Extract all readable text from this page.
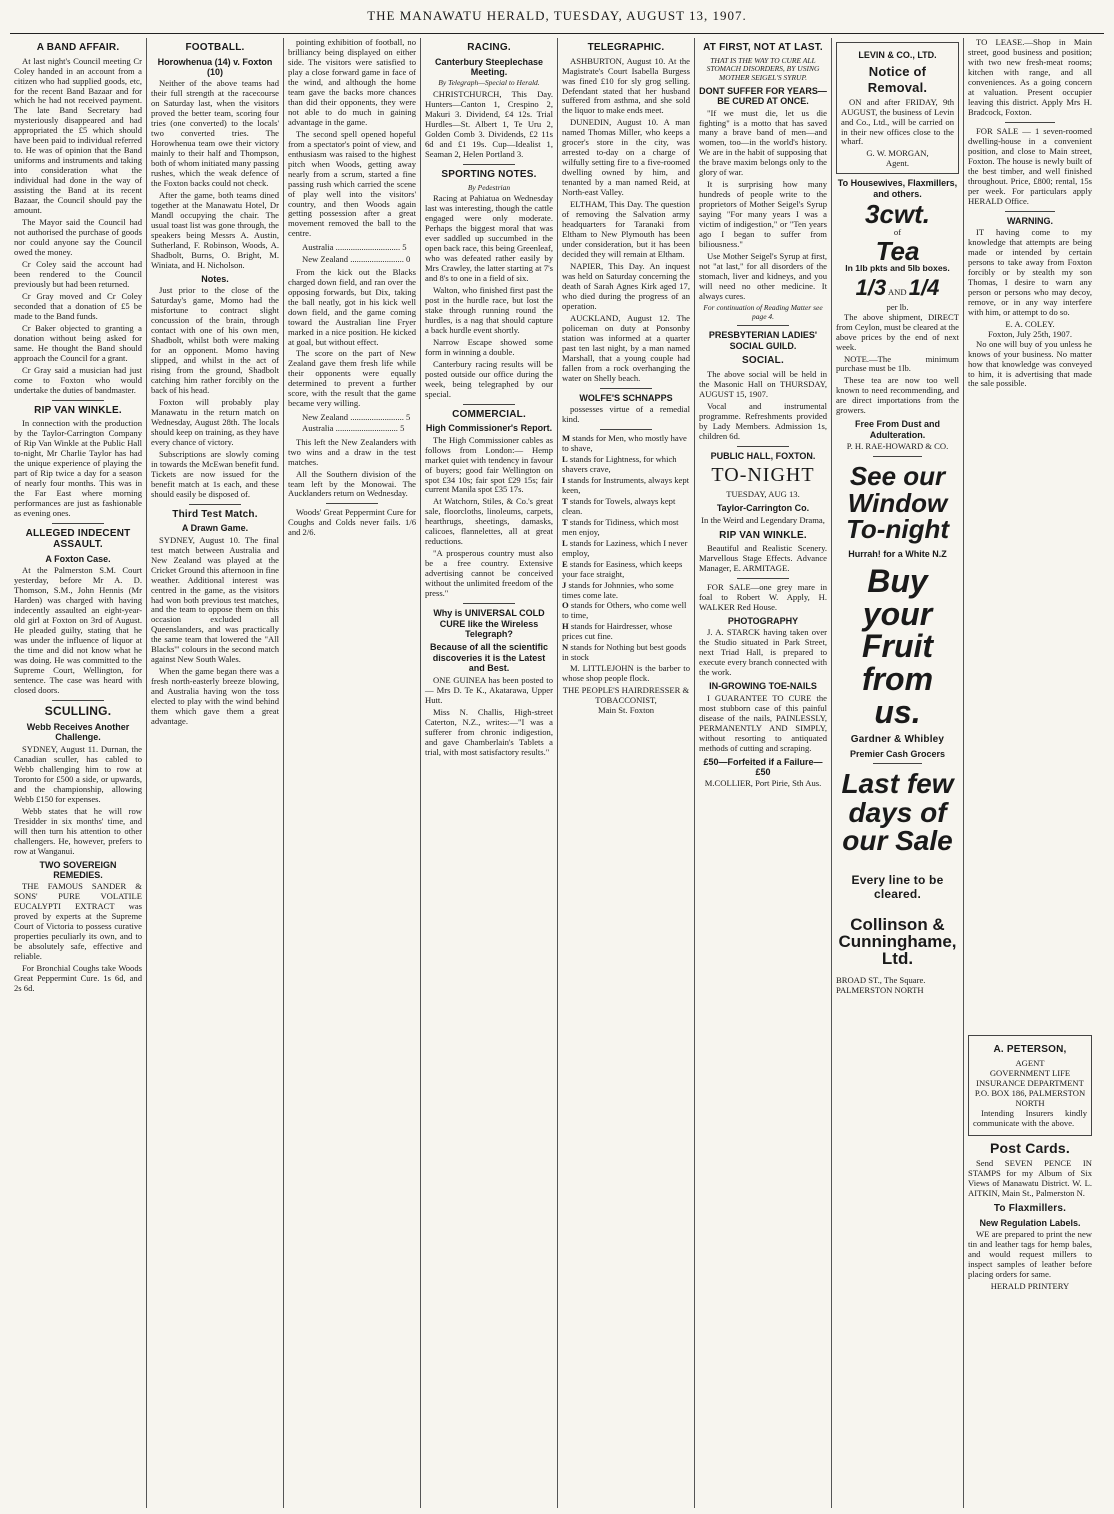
THE MANAWATU HERALD, TUESDAY, AUGUST 13, 1907.
A BAND AFFAIR.

At last night's Council meeting Cr Coley handed in an account from a citizen who had supplied goods, etc, for the recent Band Bazaar and for which he had not received payment. The late Band Secretary had mysteriously disappeared and had appropriated the £5 which should have been paid to individual referred to. He was of opinion that the Band uniforms and instruments and taking into consideration what the individual had done in the way of assisting the Band at its recent Bazaar, the Council should pay the amount.

The Mayor said the Council had not authorised the purchase of goods nor could anyone say the Council owed the money.

Cr Coley said the account had been rendered to the Council previously but had been returned.

Cr Gray moved and Cr Coley seconded that a donation of £5 be made to the Band funds.

Cr Baker objected to granting a donation without being asked for same. He thought the Band should approach the Council for a grant.

Cr Gray said a musician had just come to Foxton who would undertake the duties of bandmaster.

RIP VAN WINKLE.

In connection with the production by the Taylor-Carrington Company of Rip Van Winkle at the Public Hall to-night, Mr Charlie Taylor has had the unique experience of playing the part of Rip twice a day for a season of nearly four months. This was in the Far East where morning performances are just as fashionable as evening ones.

ALLEGED INDECENT ASSAULT.
A Foxton Case.

At the Palmerston S.M. Court yesterday, before Mr A. D. Thomson, S.M., John Hennis (Mr Harden) was charged with having indecently assaulted an eight-year-old girl at Foxton on 3rd of August. He pleaded guilty, stating that he was under the influence of liquor at the time and did not know what he was doing. He was committed to the Supreme Court, Wellington, for sentence. The case was heard with closed doors.

SCULLING.
Webb Receives Another Challenge.

SYDNEY, August 11. Durnan, the Canadian sculler, has cabled to Webb challenging him to row at Toronto for £500 a side, or upwards, and the championship, allowing Webb £150 for expenses.

Webb states that he will row Tresidder in six months' time, and will then turn his attention to other challengers. He, however, prefers to row at Wanganui.

TWO SOVEREIGN REMEDIES.

THE FAMOUS SANDER & SONS' PURE VOLATILE EUCALYPTI EXTRACT was proved by experts at the Supreme Court of Victoria to possess curative properties peculiarly its own, and to be absolutely safe, effective and reliable.

For Bronchial Coughs take Woods Great Peppermint Cure. 1s 6d, and 2s 6d.

FOOTBALL.
Horowhenua (14) v. Foxton (10)

Neither of the above teams had their full strength at the racecourse on Saturday last, when the visitors proved the better team, scoring four tries (one converted) to the locals' two converted tries. The Horowhenua team owe their victory mainly to their half and Thompson, both of whom initiated many passing rushes, which the weak defence of the Foxton backs could not check.

After the game, both teams dined together at the Manawatu Hotel, Dr Mandl occupying the chair. The usual toast list was gone through, the speakers being Messrs A. Austin, Sutherland, F. Robinson, Woods, A. Shadbolt, Burns, O. Bright, M. Winiata, and H. Nicholson.

Notes.

Just prior to the close of the Saturday's game, Momo had the misfortune to contract slight concussion of the brain, through contact with one of his own men, Shadbolt, whilst both were making for an opponent. Momo having slipped, and whilst in the act of rising from the ground, Shadbolt catching him rather forcibly on the back of his head.

Foxton will probably play Manawatu in the return match on Wednesday, August 28th. The locals should keep on training, as they have every chance of victory.

Subscriptions are slowly coming in towards the McEwan benefit fund. Tickets are now issued for the benefit match at 1s each, and these should easily be disposed of.

Third Test Match.
A Drawn Game.

SYDNEY, August 10. The final test match between Australia and New Zealand was played at the Cricket Ground this afternoon in fine weather. Additional interest was centred in the game, as the visitors had won both previous test matches, and the team to oppose them on this occasion excluded all Queenslanders, and was practically the same team that lowered the "All Blacks'" colours in the second match against New South Wales.

When the game began there was a fresh north-easterly breeze blowing, and Australia having won the toss elected to play with the wind behind them which gave them a great advantage.

pointing exhibition of football, no brilliancy being displayed on either side. The visitors were satisfied to play a close forward game in face of the wind, and although the home team gave the backs more chances than did their opponents, they were not able to do much in gaining advantage in the game.

The second spell opened hopeful from a spectator's point of view, and enthusiasm was raised to the highest pitch when Woods, getting away nearly from a scrum, started a fine passing rush which carried the scene of play well into the visitors' country, and then Woods again getting possession after a great movement removed the ball to the centre.

Australia .............................. 5
New Zealand ......................... 0

From the kick out the Blacks charged down field, and ran over the opposing forwards, but Dix, taking the ball neatly, got in his kick well down field, and the game coming toward the Australian line Fryer marked in a nice position. He kicked at goal, but without effect.

The score on the part of New Zealand gave them fresh life while their opponents were equally determined to prevent a further score, with the result that the game became very willing.

New Zealand ......................... 5
Australia ............................. 5

This left the New Zealanders with two wins and a draw in the test matches.

All the Southern division of the team left by the Monowai. The Aucklanders return on Wednesday.

Woods' Great Peppermint Cure for Coughs and Colds never fails. 1/6 and 2/6.

RACING.
Canterbury Steeplechase Meeting.
By Telegraph—Special to Herald.

CHRISTCHURCH, This Day. Hunters—Canton 1, Crespino 2, Makuri 3. Dividend, £4 12s. Trial Hurdles—St. Albert 1, Te Uru 2, Golden Comb 3. Dividends, £2 11s 6d and £1 19s. Cup—Idealist 1, Seaman 2, Helen Portland 3.

SPORTING NOTES.
By Pedestrian

Racing at Pahiatua on Wednesday last was interesting, though the cattle engaged were only moderate. Perhaps the biggest moral that was ever saddled up succumbed in the open back race, this being Greenleaf, who was defeated rather easily by Mrs Crawley, the latter starting at 7's and 8's to one in a field of six.

Walton, who finished first past the post in the hurdle race, but lost the stake through running round the hurdles, is a nag that should capture a back hurdle event shortly.

Narrow Escape showed some form in winning a double.

Canterbury racing results will be posted outside our office during the week, being telegraphed by our special.

COMMERCIAL.
High Commissioner's Report.

The High Commissioner cables as follows from London:— Hemp market quiet with tendency in favour of buyers; good fair Wellington on spot £34 10s; fair spot £29 15s; fair current Manila spot £35 17s.

At Watchorn, Stiles, & Co.'s great sale, floorcloths, linoleums, carpets, hearthrugs, sheetings, damasks, calicoes, flannelettes, all at great reductions.

"A prosperous country must also be a free country. Extensive advertising cannot be conceived without the unlimited freedom of the press."

Why is UNIVERSAL COLD CURE like the Wireless Telegraph?
Because of all the scientific discoveries it is the Latest and Best.

ONE GUINEA has been posted to— Mrs D. Te K., Akatarawa, Upper Hutt.

Miss N. Challis, High-street Caterton, N.Z., writes:—"I was a sufferer from chronic indigestion, and gave Chamberlain's Tablets a trial, with most satisfactory results."

TELEGRAPHIC.

ASHBURTON, August 10. At the Magistrate's Court Isabella Burgess was fined £10 for sly grog selling. Defendant stated that her husband suffered from asthma, and she sold the liquor to make ends meet.

DUNEDIN, August 10. A man named Thomas Miller, who keeps a grocer's store in the city, was arrested to-day on a charge of wilfully setting fire to a five-roomed dwelling owned by him, and tenanted by a man named Reid, at North-east Valley.

ELTHAM, This Day. The question of removing the Salvation army headquarters for Taranaki from Eltham to New Plymouth has been under consideration, but it has been decided they will remain at Eltham.

NAPIER, This Day. An inquest was held on Saturday concerning the death of Sarah Agnes Kirk aged 17, who died during the progress of an operation.

AUCKLAND, August 12. The policeman on duty at Ponsonby station was informed at a quarter past ten last night, by a man named Marshall, that a young couple had fallen from a rock overhanging the water on Shelly beach.

WOLFE'S SCHNAPPS

possesses virtue of a remedial kind.

M stands for Men, who mostly have to shave,
L stands for Lightness, for which shavers crave,
I stands for Instruments, always kept keen,
T stands for Towels, always kept clean.
T stands for Tidiness, which most men enjoy,
L stands for Laziness, which I never employ,
E stands for Easiness, which keeps your face straight,
J stands for Johnnies, who some times come late.
O stands for Others, who come well to time,
H stands for Hairdresser, whose prices cut fine.
N stands for Nothing but best goods in stock

M. LITTLEJOHN is the barber to whose shop people flock.

THE PEOPLE'S HAIRDRESSER & TOBACCONIST,
Main St. Foxton
AT FIRST, NOT AT LAST.
THAT IS THE WAY TO CURE ALL STOMACH DISORDERS, BY USING MOTHER SEIGEL'S SYRUP.
DONT SUFFER FOR YEARS—BE CURED AT ONCE.

"If we must die, let us die fighting" is a motto that has saved many a brave band of men—and women, too—in the world's history. We are in the habit of supposing that the brave maxim belongs only to the glory of war.

It is surprising how many hundreds of people write to the proprietors of Mother Seigel's Syrup saying "For many years I was a victim of indigestion," or "Ten years ago I began to suffer from biliousness."

Use Mother Seigel's Syrup at first, not "at last," for all disorders of the stomach, liver and kidneys, and you will need no other medicine. It always cures.

For continuation of Reading Matter see page 4.
PRESBYTERIAN LADIES' SOCIAL GUILD.
SOCIAL.

The above social will be held in the Masonic Hall on THURSDAY, AUGUST 15, 1907.

Vocal and instrumental programme. Refreshments provided by Lady Members. Admission 1s, children 6d.

PUBLIC HALL, FOXTON.
TO-NIGHT
TUESDAY, AUG 13.
Taylor-Carrington Co.
In the Weird and Legendary Drama,
RIP VAN WINKLE.

Beautiful and Realistic Scenery. Marvellous Stage Effects. Advance Manager, E. ARMITAGE.

FOR SALE—one grey mare in foal to Robert W. Apply, H. WALKER Red House.

PHOTOGRAPHY

J. A. STARCK having taken over the Studio situated in Park Street, next Triad Hall, is prepared to execute every branch connected with the work.

IN-GROWING TOE-NAILS

I GUARANTEE TO CURE the most stubborn case of this painful disease of the nails, PAINLESSLY, PERMANENTLY AND SIMPLY, without resorting to antiquated methods of cutting and scraping.

£50—Forfeited if a Failure—£50
M.COLLIER, Port Pirie, Sth Aus.
LEVIN & CO., LTD.
Notice of Removal.

ON and after FRIDAY, 9th AUGUST, the business of Levin and Co., Ltd., will be carried on in their new offices close to the wharf.

G. W. MORGAN,
Agent.
To Housewives, Flaxmillers, and others.
3cwt.
of
Tea
In 1lb pkts and 5lb boxes.
1/3 AND 1/4
per lb.

The above shipment, DIRECT from Ceylon, must be cleared at the above prices by the end of next week.

NOTE.—The minimum purchase must be 1lb.

These tea are now too well known to need recommending, and are direct importations from the growers.

Free From Dust and Adulteration.
P. H. RAE-HOWARD & CO.
See our Window To-night
Hurrah! for a White N.Z
Buy your Fruit from us.
Gardner & Whibley
Premier Cash Grocers
Last few days of our Sale
Every line to be cleared.
Collinson & Cunninghame, Ltd.
BROAD ST., The Square.
PALMERSTON NORTH

TO LEASE.—Shop in Main street, good business and position; with two new fresh-meat rooms; kitchen with range, and all conveniences. As a going concern at valuation. Present occupier leaving this district. Apply Mrs H. Bradcock, Foxton.

FOR SALE — 1 seven-roomed dwelling-house in a convenient position, and close to Main street, Foxton. The house is newly built of the best timber, and well finished throughout. Price, £800; rental, 15s per week. For particulars apply HERALD Office.

WARNING.

IT having come to my knowledge that attempts are being made or intended by certain persons to take away from Foxton forcibly or by stealth my son Thomas, I desire to warn any person or persons who may decoy, remove, or in any way interfere with him, or attempt to do so.

E. A. COLEY.
Foxton, July 25th, 1907.

No one will buy of you unless he knows of your business. No matter how that knowledge was conveyed to him, it is advertising that made the sale possible.

A. PETERSON,
AGENT
GOVERNMENT LIFE INSURANCE DEPARTMENT
P.O. BOX 186, PALMERSTON NORTH

Intending Insurers kindly communicate with the above.

Post Cards.

Send SEVEN PENCE IN STAMPS for my Album of Six Views of Manawatu District. W. L. AITKIN, Main St., Palmerston N.

To Flaxmillers.
New Regulation Labels.

WE are prepared to print the new tin and leather tags for hemp bales, and would request millers to inspect samples of leather before placing orders for same.

HERALD PRINTERY
